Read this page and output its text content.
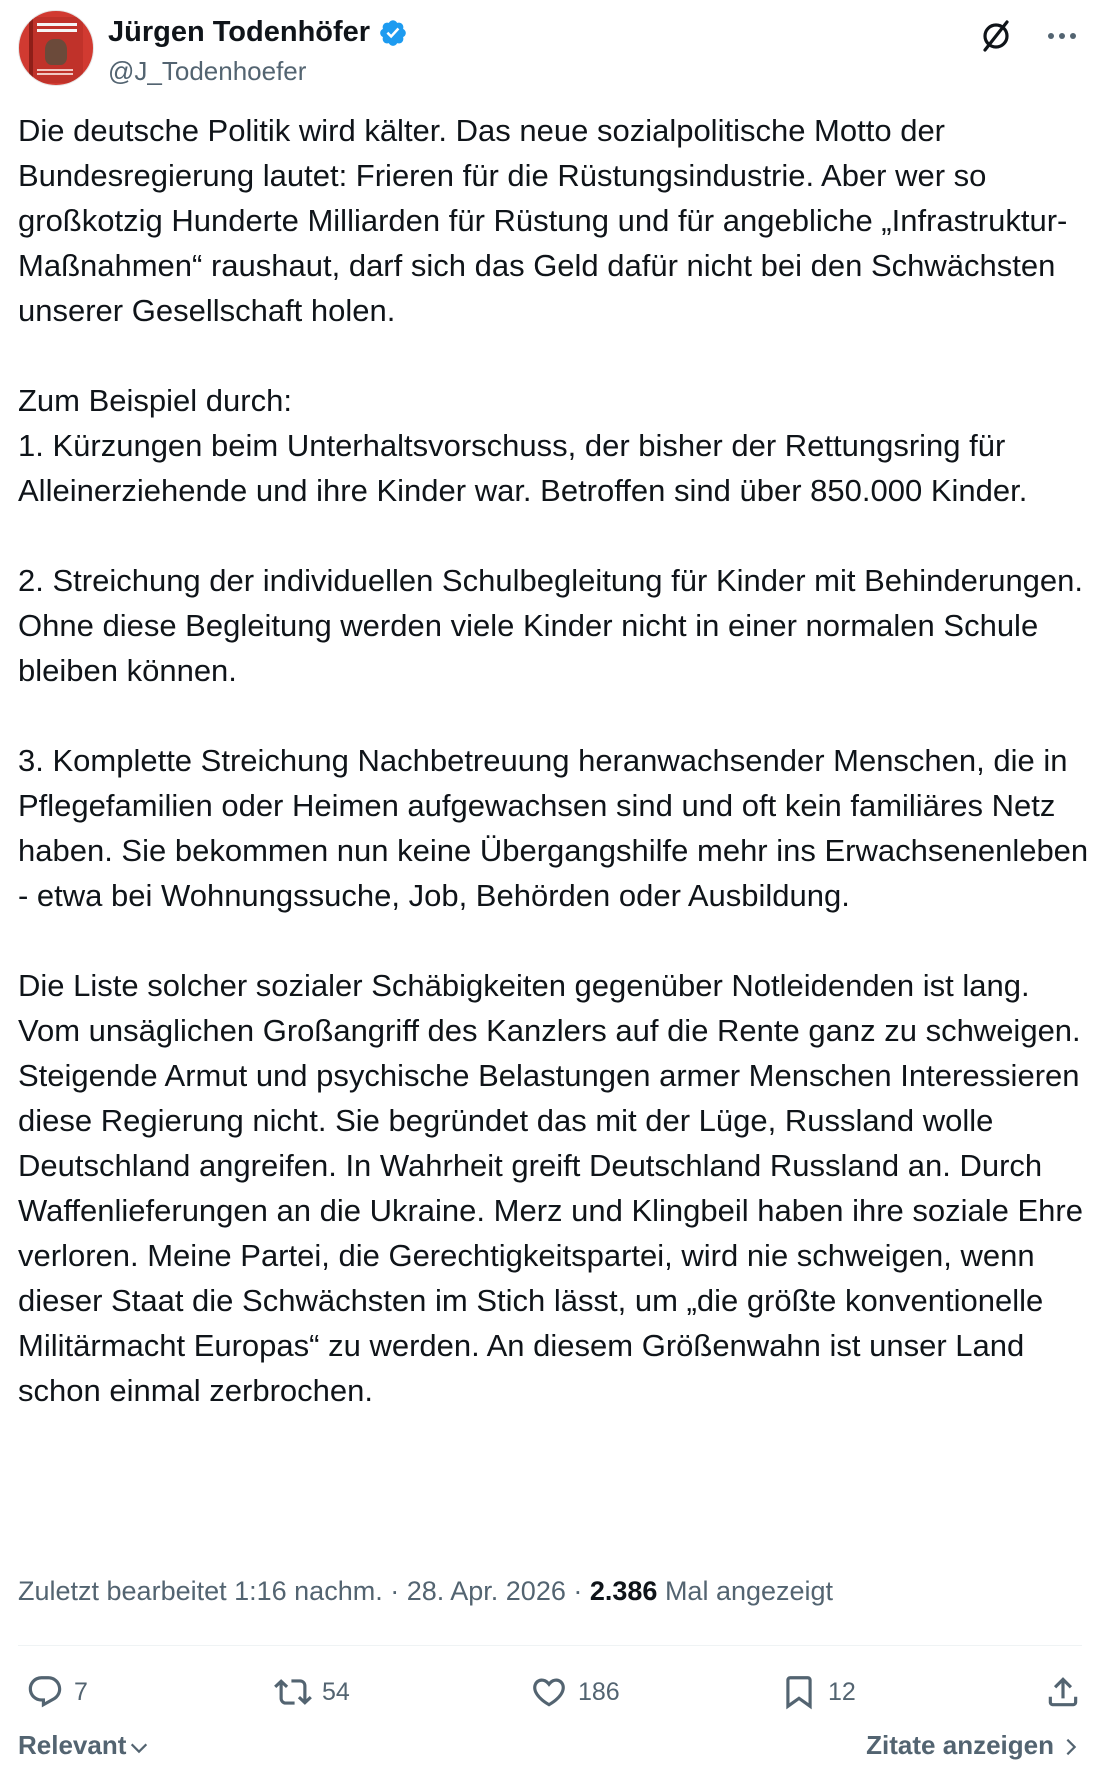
Jürgen Todenhöfer
@J_Todenhoefer

Die deutsche Politik wird kälter. Das neue sozialpolitische Motto der Bundesregierung lautet: Frieren für die Rüstungsindustrie. Aber wer so großkotzig Hunderte Milliarden für Rüstung und für angebliche „Infrastruktur-Maßnahmen“ raushaut, darf sich das Geld dafür nicht bei den Schwächsten unserer Gesellschaft holen.

Zum Beispiel durch:
1. Kürzungen beim Unterhaltsvorschuss, der bisher der Rettungsring für Alleinerziehende und ihre Kinder war. Betroffen sind über 850.000 Kinder.

2. Streichung der individuellen Schulbegleitung für Kinder mit Behinderungen. Ohne diese Begleitung werden viele Kinder nicht in einer normalen Schule bleiben können.

3. Komplette Streichung Nachbetreuung heranwachsender Menschen, die in Pflegefamilien oder Heimen aufgewachsen sind und oft kein familiäres Netz haben. Sie bekommen nun keine Übergangshilfe mehr ins Erwachsenenleben - etwa bei Wohnungssuche, Job, Behörden oder Ausbildung.

Die Liste solcher sozialer Schäbigkeiten gegenüber Notleidenden ist lang. Vom unsäglichen Großangriff des Kanzlers auf die Rente ganz zu schweigen. Steigende Armut und psychische Belastungen armer Menschen Interessieren diese Regierung nicht. Sie begründet das mit der Lüge, Russland wolle Deutschland angreifen. In Wahrheit greift Deutschland Russland an. Durch Waffenlieferungen an die Ukraine. Merz und Klingbeil haben ihre soziale Ehre verloren. Meine Partei, die Gerechtigkeitspartei, wird nie schweigen, wenn dieser Staat die Schwächsten im Stich lässt, um „die größte konventionelle Militärmacht Europas“ zu werden. An diesem Größenwahn ist unser Land schon einmal zerbrochen.

Zuletzt bearbeitet 1:16 nachm. · 28. Apr. 2026 · 2.386 Mal angezeigt
7	54	186	12
Relevant	Zitate anzeigen
